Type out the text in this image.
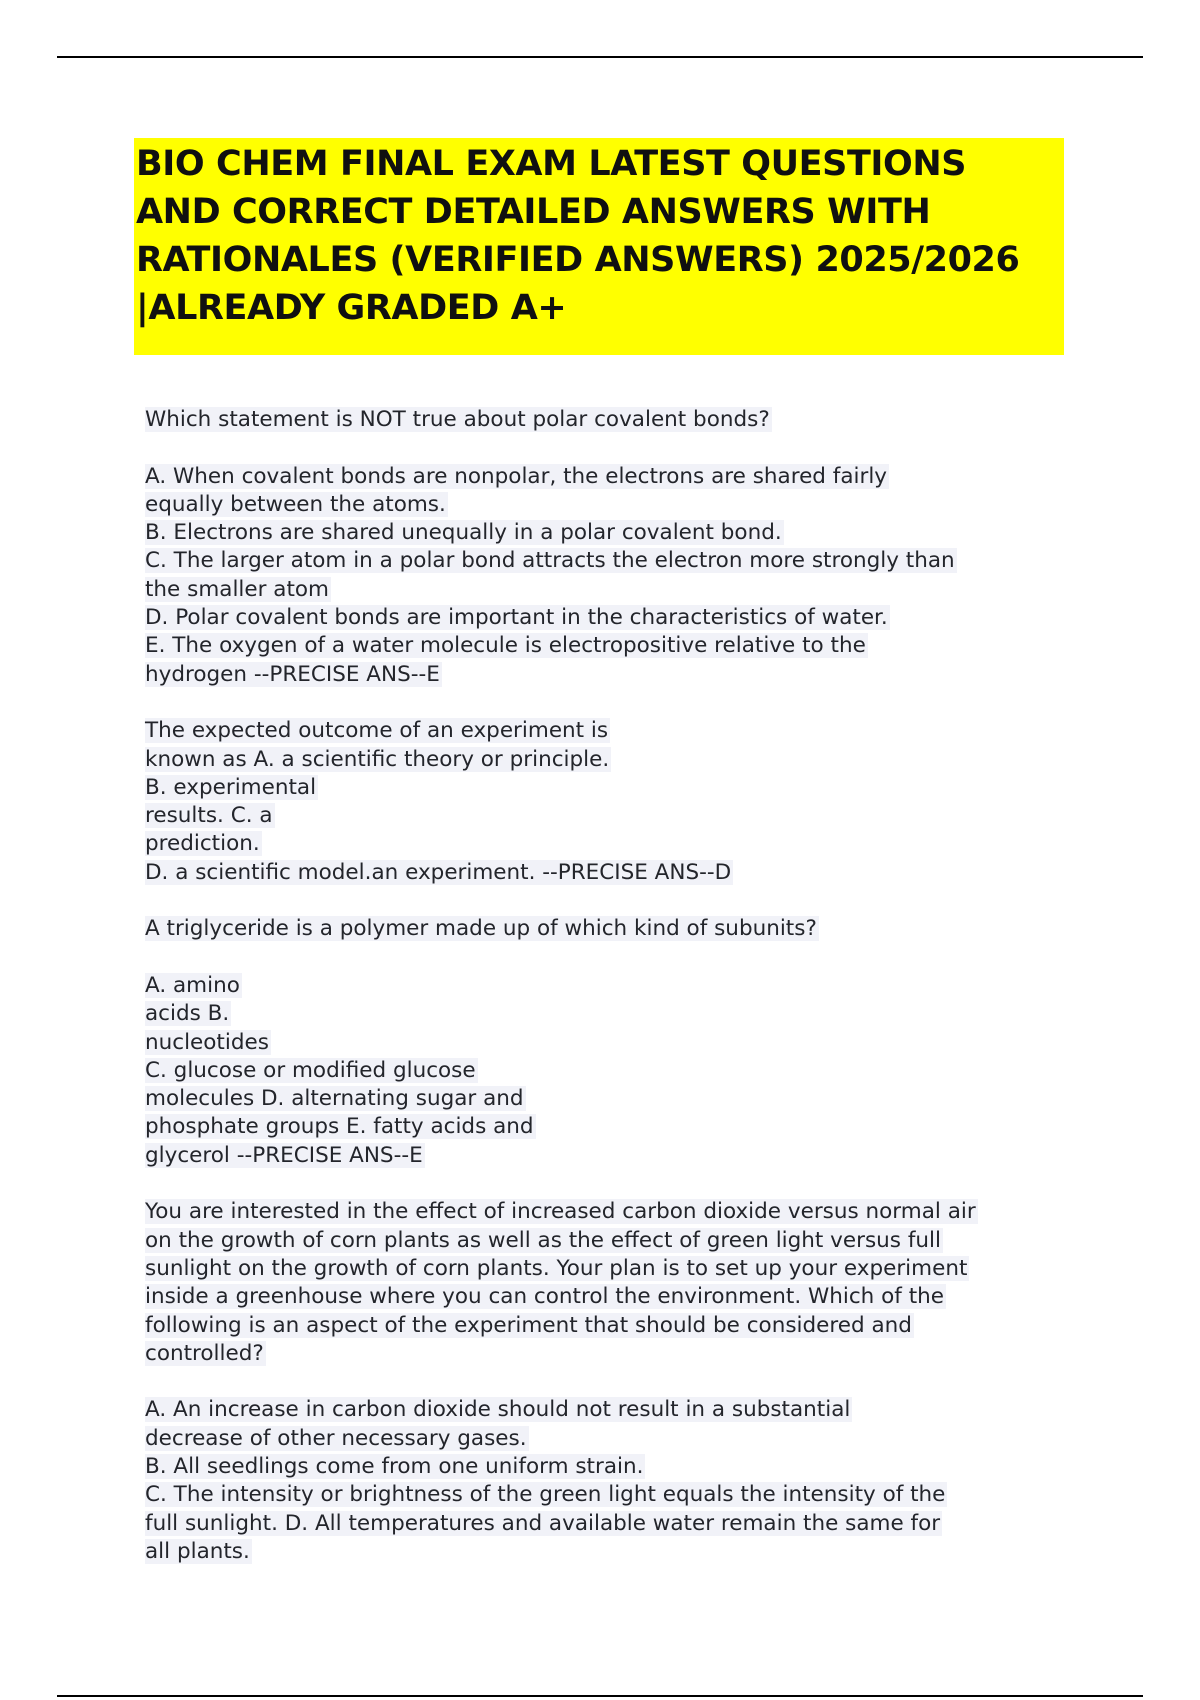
BIO CHEM FINAL EXAM LATEST QUESTIONS
AND CORRECT DETAILED ANSWERS WITH
RATIONALES (VERIFIED ANSWERS) 2025/2026
|ALREADY GRADED A+
Which statement is NOT true about polar covalent bonds?
A. When covalent bonds are nonpolar, the electrons are shared fairly
equally between the atoms.
B. Electrons are shared unequally in a polar covalent bond.
C. The larger atom in a polar bond attracts the electron more strongly than
the smaller atom
D. Polar covalent bonds are important in the characteristics of water.
E. The oxygen of a water molecule is electropositive relative to the
hydrogen --PRECISE ANS--E
The expected outcome of an experiment is
known as A. a scientific theory or principle.
B. experimental
results. C. a
prediction.
D. a scientific model.an experiment. --PRECISE ANS--D
A triglyceride is a polymer made up of which kind of subunits?
A. amino
acids B.
nucleotides
C. glucose or modified glucose
molecules D. alternating sugar and
phosphate groups E. fatty acids and
glycerol --PRECISE ANS--E
You are interested in the effect of increased carbon dioxide versus normal air
on the growth of corn plants as well as the effect of green light versus full
sunlight on the growth of corn plants. Your plan is to set up your experiment
inside a greenhouse where you can control the environment. Which of the
following is an aspect of the experiment that should be considered and
controlled?
A. An increase in carbon dioxide should not result in a substantial
decrease of other necessary gases.
B. All seedlings come from one uniform strain.
C. The intensity or brightness of the green light equals the intensity of the
full sunlight. D. All temperatures and available water remain the same for
all plants.
